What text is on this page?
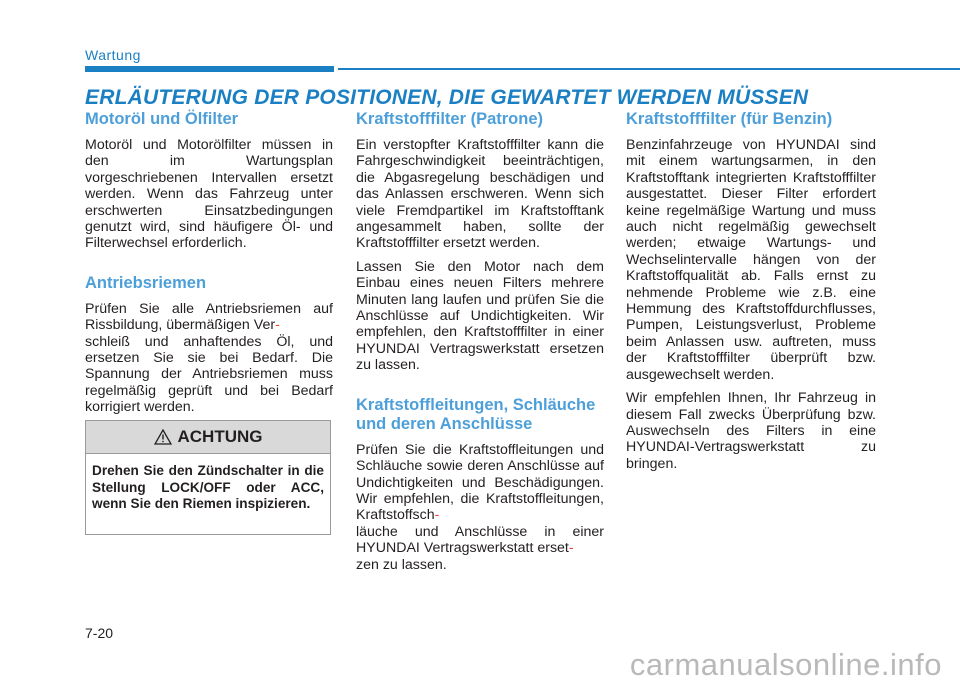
Wartung
ERLÄUTERUNG DER POSITIONEN, DIE GEWARTET WERDEN MÜSSEN
Motoröl und Ölfilter

Motoröl und Motorölfilter müssen in den im Wartungsplan vorgeschriebenen Intervallen ersetzt werden. Wenn das Fahrzeug unter erschwerten Einsatzbedingungen genutzt wird, sind häufigere Öl- und Filterwechsel erforderlich.

Antriebsriemen

Prüfen Sie alle Antriebsriemen auf Rissbildung, übermäßigen Ver-
schleiß und anhaftendes Öl, und ersetzen Sie sie bei Bedarf. Die Spannung der Antriebsriemen muss regelmäßig geprüft und bei Bedarf korrigiert werden.

ACHTUNG
Drehen Sie den Zündschalter in die Stellung LOCK/OFF oder ACC, wenn Sie den Riemen inspizieren.
Kraftstofffilter (Patrone)

Ein verstopfter Kraftstofffilter kann die Fahrgeschwindigkeit beeinträchtigen, die Abgasregelung beschädigen und das Anlassen erschweren. Wenn sich viele Fremdpartikel im Kraftstofftank angesammelt haben, sollte der Kraftstofffilter ersetzt werden.

Lassen Sie den Motor nach dem Einbau eines neuen Filters mehrere Minuten lang laufen und prüfen Sie die Anschlüsse auf Undichtigkeiten. Wir empfehlen, den Kraftstofffilter in einer HYUNDAI Vertragswerkstatt ersetzen zu lassen.

Kraftstoffleitungen, Schläuche und deren Anschlüsse

Prüfen Sie die Kraftstoffleitungen und Schläuche sowie deren Anschlüsse auf Undichtigkeiten und Beschädigungen. Wir empfehlen, die Kraftstoffleitungen, Kraftstoffsch-
läuche und Anschlüsse in einer HYUNDAI Vertragswerkstatt erset-
zen zu lassen.

Kraftstofffilter (für Benzin)

Benzinfahrzeuge von HYUNDAI sind mit einem wartungsarmen, in den Kraftstofftank integrierten Kraftstofffilter ausgestattet. Dieser Filter erfordert keine regelmäßige Wartung und muss auch nicht regelmäßig gewechselt werden; etwaige Wartungs- und Wechselintervalle hängen von der Kraftstoffqualität ab. Falls ernst zu nehmende Probleme wie z.B. eine Hemmung des Kraftstoffdurchflusses, Pumpen, Leistungsverlust, Probleme beim Anlassen usw. auftreten, muss der Kraftstofffilter überprüft bzw. ausgewechselt werden.

Wir empfehlen Ihnen, Ihr Fahrzeug in diesem Fall zwecks Überprüfung bzw. Auswechseln des Filters in eine HYUNDAI-Vertragswerkstatt zu bringen.

7-20
carmanualsonline.info
